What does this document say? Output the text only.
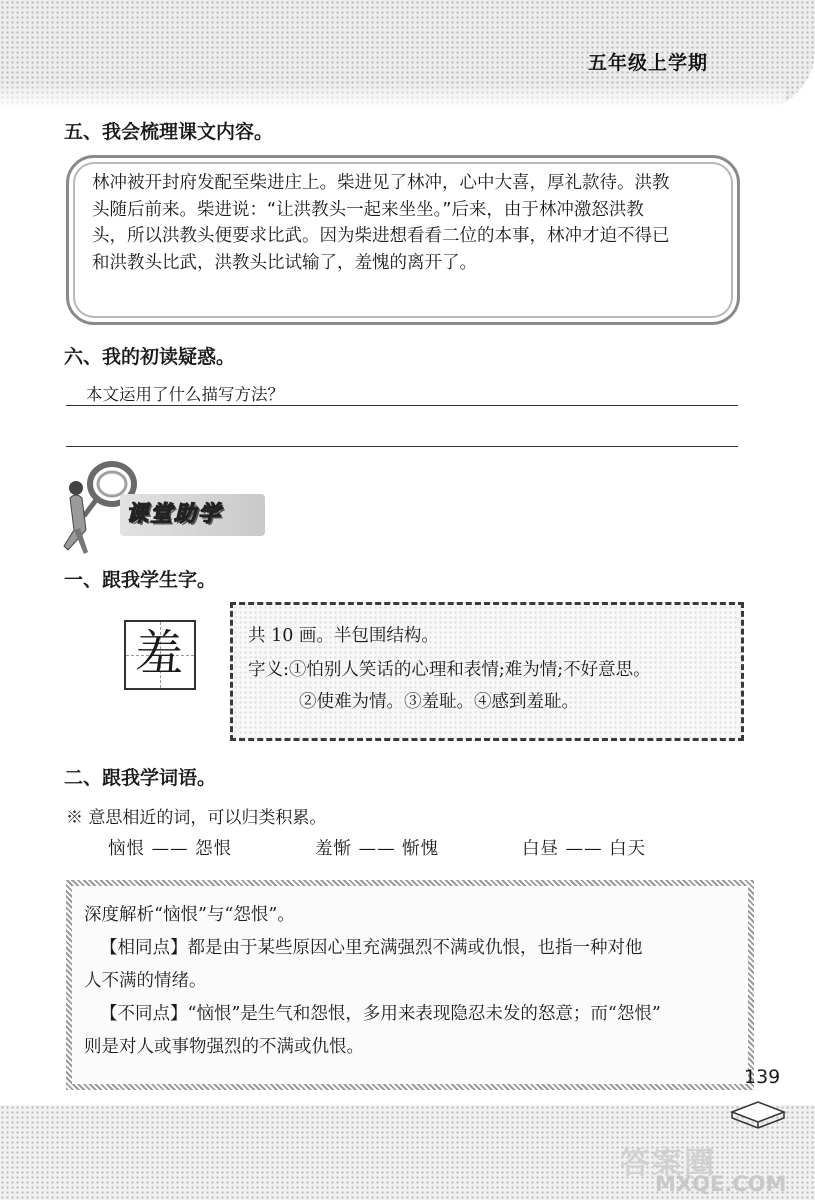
五年级上学期
五、我会梳理课文内容。
林冲被开封府发配至柴进庄上。柴进见了林冲，心中大喜，厚礼款待。洪教
头随后前来。柴进说：“让洪教头一起来坐坐。”后来，由于林冲激怒洪教
头，所以洪教头便要求比武。因为柴进想看看二位的本事，林冲才迫不得已
和洪教头比武，洪教头比试输了，羞愧的离开了。
六、我的初读疑惑。
本文运用了什么描写方法？
课堂助学
一、跟我学生字。
羞	共 10 画。半包围结构。
字义:①怕别人笑话的心理和表情;难为情;不好意思。
②使难为情。③羞耻。④感到羞耻。
二、跟我学词语。
※ 意思相近的词，可以归类积累。
恼恨 —— 怨恨	羞惭 —— 惭愧	白昼 —— 白天
深度解析“恼恨”与“怨恨”。
【相同点】都是由于某些原因心里充满强烈不满或仇恨，也指一种对他
人不满的情绪。
【不同点】“恼恨”是生气和怨恨，多用来表现隐忍未发的怒意；而“怨恨”
则是对人或事物强烈的不满或仇恨。
139
答案圈
MXQE.COM
